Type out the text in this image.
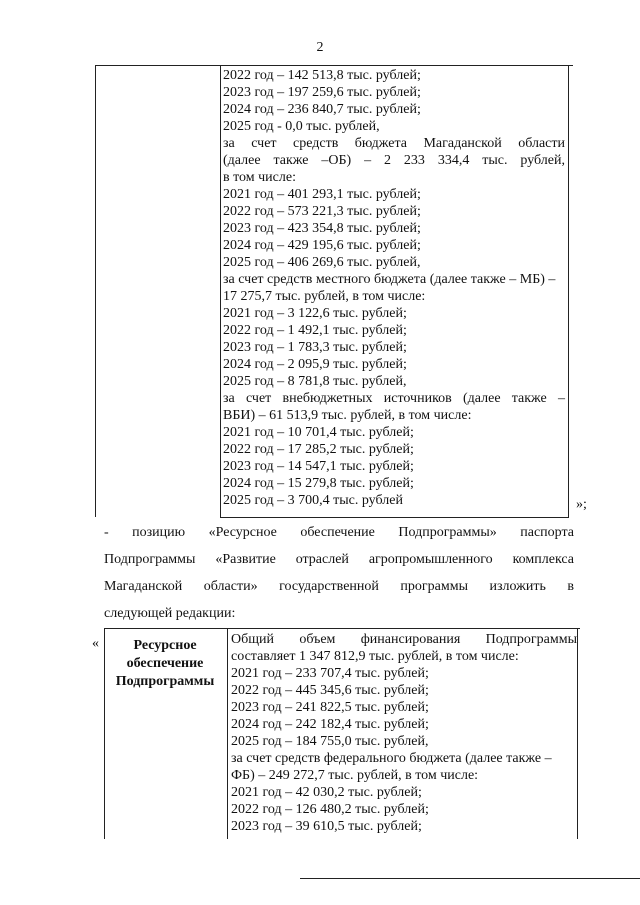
2
2022 год – 142 513,8 тыс. рублей;
2023 год – 197 259,6 тыс. рублей;
2024 год – 236 840,7 тыс. рублей;
2025 год - 0,0 тыс. рублей,
за счет средств бюджета Магаданской области
(далее также –ОБ) – 2 233 334,4 тыс. рублей,
в том числе:
2021 год – 401 293,1 тыс. рублей;
2022 год – 573 221,3 тыс. рублей;
2023 год – 423 354,8 тыс. рублей;
2024 год – 429 195,6 тыс. рублей;
2025 год – 406 269,6 тыс. рублей,
за счет средств местного бюджета (далее также – МБ) –
17 275,7 тыс. рублей, в том числе:
2021 год – 3 122,6 тыс. рублей;
2022 год – 1 492,1 тыс. рублей;
2023 год – 1 783,3 тыс. рублей;
2024 год – 2 095,9 тыс. рублей;
2025 год – 8 781,8 тыс. рублей,
за счет внебюджетных источников (далее также –
ВБИ) – 61 513,9 тыс. рублей, в том числе:
2021 год – 10 701,4 тыс. рублей;
2022 год – 17 285,2 тыс. рублей;
2023 год – 14 547,1 тыс. рублей;
2024 год – 15 279,8 тыс. рублей;
2025 год – 3 700,4 тыс. рублей	»;
- позицию «Ресурсное обеспечение Подпрограммы» паспорта
Подпрограммы «Развитие отраслей агропромышленного комплекса
Магаданской области» государственной программы изложить в
следующей редакции:
«	Ресурсное
обеспечение
Подпрограммы
Общий объем финансирования Подпрограммы
составляет 1 347 812,9 тыс. рублей, в том числе:
2021 год – 233 707,4 тыс. рублей;
2022 год – 445 345,6 тыс. рублей;
2023 год – 241 822,5 тыс. рублей;
2024 год – 242 182,4 тыс. рублей;
2025 год – 184 755,0 тыс. рублей,
за счет средств федерального бюджета (далее также –
ФБ) – 249 272,7 тыс. рублей, в том числе:
2021 год – 42 030,2 тыс. рублей;
2022 год – 126 480,2 тыс. рублей;
2023 год – 39 610,5 тыс. рублей;
